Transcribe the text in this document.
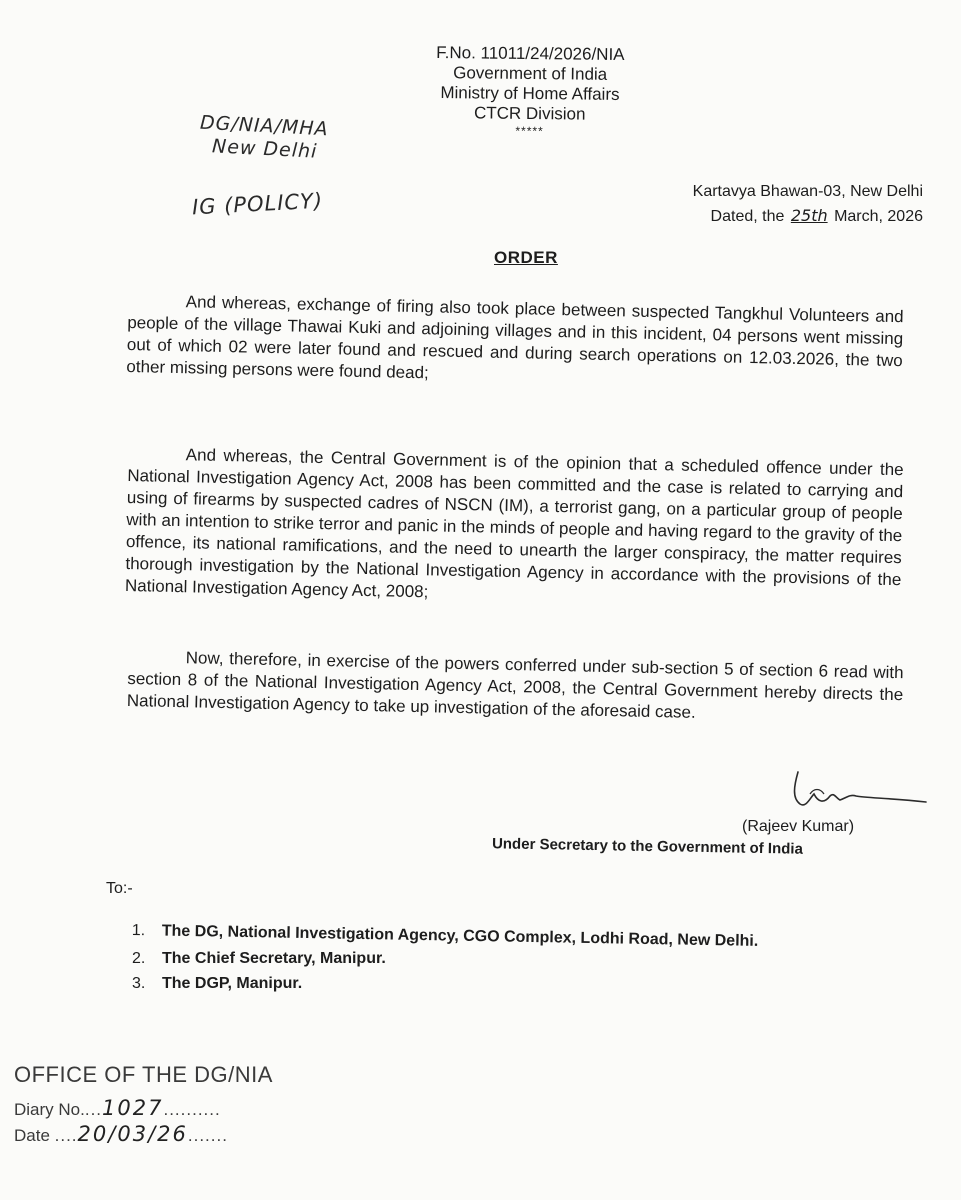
F.No. 11011/24/2026/NIA
Government of India
Ministry of Home Affairs
CTCR Division
*****
DG/NIA/MHA
New Delhi
IG (POLICY)	Kartavya Bhawan-03, New Delhi
Dated, the 25th March, 2026
ORDER
And whereas, exchange of firing also took place between suspected Tangkhul Volunteers and people of the village Thawai Kuki and adjoining villages and in this incident, 04 persons went missing out of which 02 were later found and rescued and during search operations on 12.03.2026, the two other missing persons were found dead;
And whereas, the Central Government is of the opinion that a scheduled offence under the National Investigation Agency Act, 2008 has been committed and the case is related to carrying and using of firearms by suspected cadres of NSCN (IM), a terrorist gang, on a particular group of people with an intention to strike terror and panic in the minds of people and having regard to the gravity of the offence, its national ramifications, and the need to unearth the larger conspiracy, the matter requires thorough investigation by the National Investigation Agency in accordance with the provisions of the National Investigation Agency Act, 2008;
Now, therefore, in exercise of the powers conferred under sub-section 5 of section 6 read with section 8 of the National Investigation Agency Act, 2008, the Central Government hereby directs the National Investigation Agency to take up investigation of the aforesaid case.
(Rajeev Kumar)
Under Secretary to the Government of India
To:-
1. The DG, National Investigation Agency, CGO Complex, Lodhi Road, New Delhi.
2. The Chief Secretary, Manipur.
3. The DGP, Manipur.
OFFICE OF THE DG/NIA
Diary No....1027..........
Date ....20/03/26.......
